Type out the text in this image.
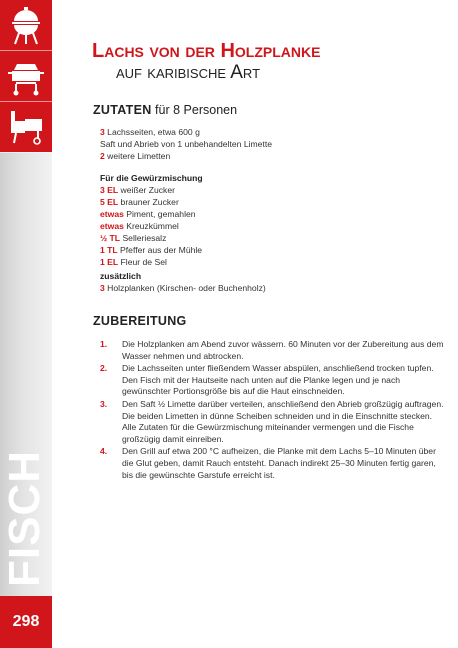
FISCH
298
Lachs von der Holzplanke
auf karibische Art
ZUTATEN für 8 Personen
3 Lachsseiten, etwa 600 g
Saft und Abrieb von 1 unbehandelten Limette
2 weitere Limetten
Für die Gewürzmischung
3 EL weißer Zucker
5 EL brauner Zucker
etwas Piment, gemahlen
etwas Kreuzkümmel
½ TL Selleriesalz
1 TL Pfeffer aus der Mühle
1 EL Fleur de Sel
zusätzlich
3 Holzplanken (Kirschen- oder Buchenholz)
ZUBEREITUNG
1. Die Holzplanken am Abend zuvor wässern. 60 Minuten vor der Zubereitung aus dem Wasser nehmen und abtrocken.
2. Die Lachsseiten unter fließendem Wasser abspülen, anschließend trocken tupfen. Den Fisch mit der Hautseite nach unten auf die Planke legen und je nach gewünschter Portionsgröße bis auf die Haut einschneiden.
3. Den Saft ½ Limette darüber verteilen, anschließend den Abrieb großzügig auftragen. Die beiden Limetten in dünne Scheiben schneiden und in die Einschnitte stecken. Alle Zutaten für die Gewürzmischung miteinander vermengen und die Fische großzügig damit einreiben.
4. Den Grill auf etwa 200 °C aufheizen, die Planke mit dem Lachs 5–10 Minuten über die Glut geben, damit Rauch entsteht. Danach indirekt 25–30 Minuten fertig garen, bis die gewünschte Garstufe erreicht ist.
